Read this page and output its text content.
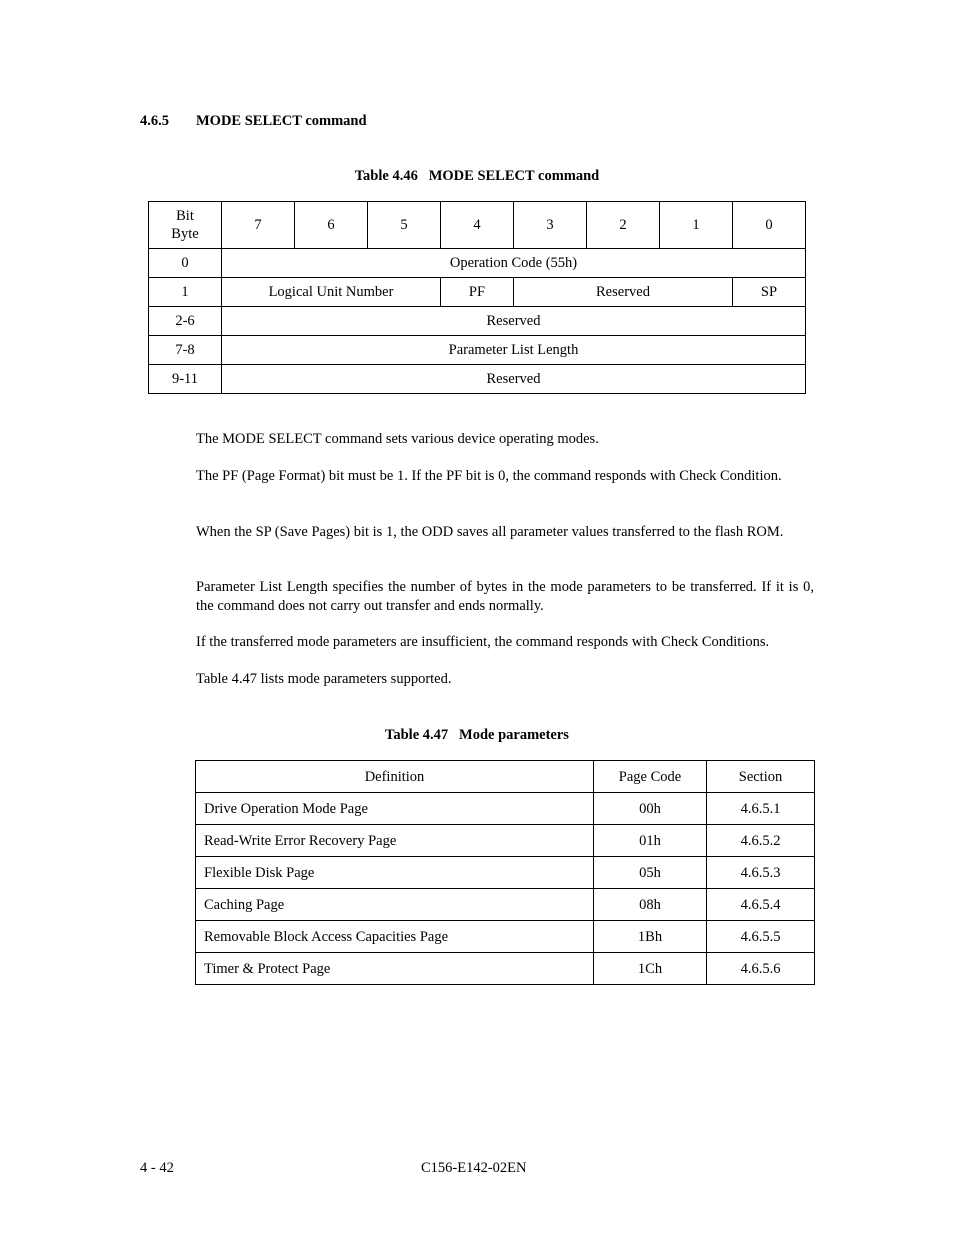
4.6.5 MODE SELECT command
Table 4.46   MODE SELECT command
Bit
Byte	7	6	5	4	3	2	1	0
0	Operation Code (55h)							
1	Logical Unit Number			PF	Reserved			SP
2-6	Reserved							
7-8	Parameter List Length							
9-11	Reserved							
The MODE SELECT command sets various device operating modes.
The PF (Page Format) bit must be 1. If the PF bit is 0, the command responds with Check Condition.
When the SP (Save Pages) bit is 1, the ODD saves all parameter values transferred to the flash ROM.
Parameter List Length specifies the number of bytes in the mode parameters to be transferred. If it is 0, the command does not carry out transfer and ends normally.
If the transferred mode parameters are insufficient, the command responds with Check Conditions.
Table 4.47 lists mode parameters supported.
Table 4.47   Mode parameters
Definition	Page Code	Section
Drive Operation Mode Page	00h	4.6.5.1
Read-Write Error Recovery Page	01h	4.6.5.2
Flexible Disk Page	05h	4.6.5.3
Caching Page	08h	4.6.5.4
Removable Block Access Capacities Page	1Bh	4.6.5.5
Timer & Protect Page	1Ch	4.6.5.6
4 - 42	C156-E142-02EN
